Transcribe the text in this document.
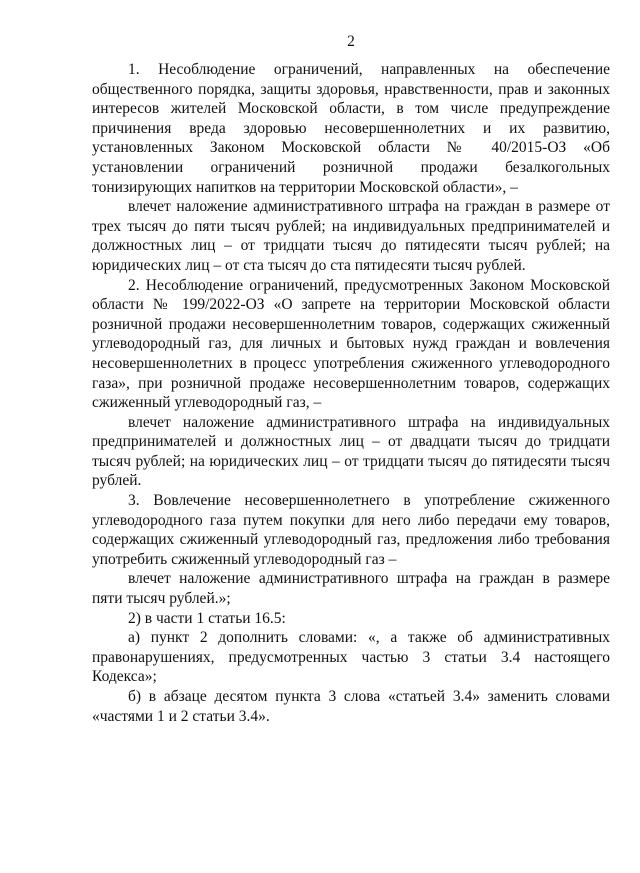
2

1. Несоблюдение ограничений, направленных на обеспечение общественного порядка, защиты здоровья, нравственности, прав и законных интересов жителей Московской области, в том числе предупреждение причинения вреда здоровью несовершеннолетних и их развитию, установленных Законом Московской области № 40/2015-ОЗ «Об установлении ограничений розничной продажи безалкогольных тонизирующих напитков на территории Московской области», –

влечет наложение административного штрафа на граждан в размере от трех тысяч до пяти тысяч рублей; на индивидуальных предпринимателей и должностных лиц – от тридцати тысяч до пятидесяти тысяч рублей; на юридических лиц – от ста тысяч до ста пятидесяти тысяч рублей.

2. Несоблюдение ограничений, предусмотренных Законом Московской области № 199/2022-ОЗ «О запрете на территории Московской области розничной продажи несовершеннолетним товаров, содержащих сжиженный углеводородный газ, для личных и бытовых нужд граждан и вовлечения несовершеннолетних в процесс употребления сжиженного углеводородного газа», при розничной продаже несовершеннолетним товаров, содержащих сжиженный углеводородный газ, –

влечет наложение административного штрафа на индивидуальных предпринимателей и должностных лиц – от двадцати тысяч до тридцати тысяч рублей; на юридических лиц – от тридцати тысяч до пятидесяти тысяч рублей.

3. Вовлечение несовершеннолетнего в употребление сжиженного углеводородного газа путем покупки для него либо передачи ему товаров, содержащих сжиженный углеводородный газ, предложения либо требования употребить сжиженный углеводородный газ –

влечет наложение административного штрафа на граждан в размере пяти тысяч рублей.»;

2) в части 1 статьи 16.5:

а) пункт 2 дополнить словами: «, а также об административных правонарушениях, предусмотренных частью 3 статьи 3.4 настоящего Кодекса»;

б) в абзаце десятом пункта 3 слова «статьей 3.4» заменить словами «частями 1 и 2 статьи 3.4».
